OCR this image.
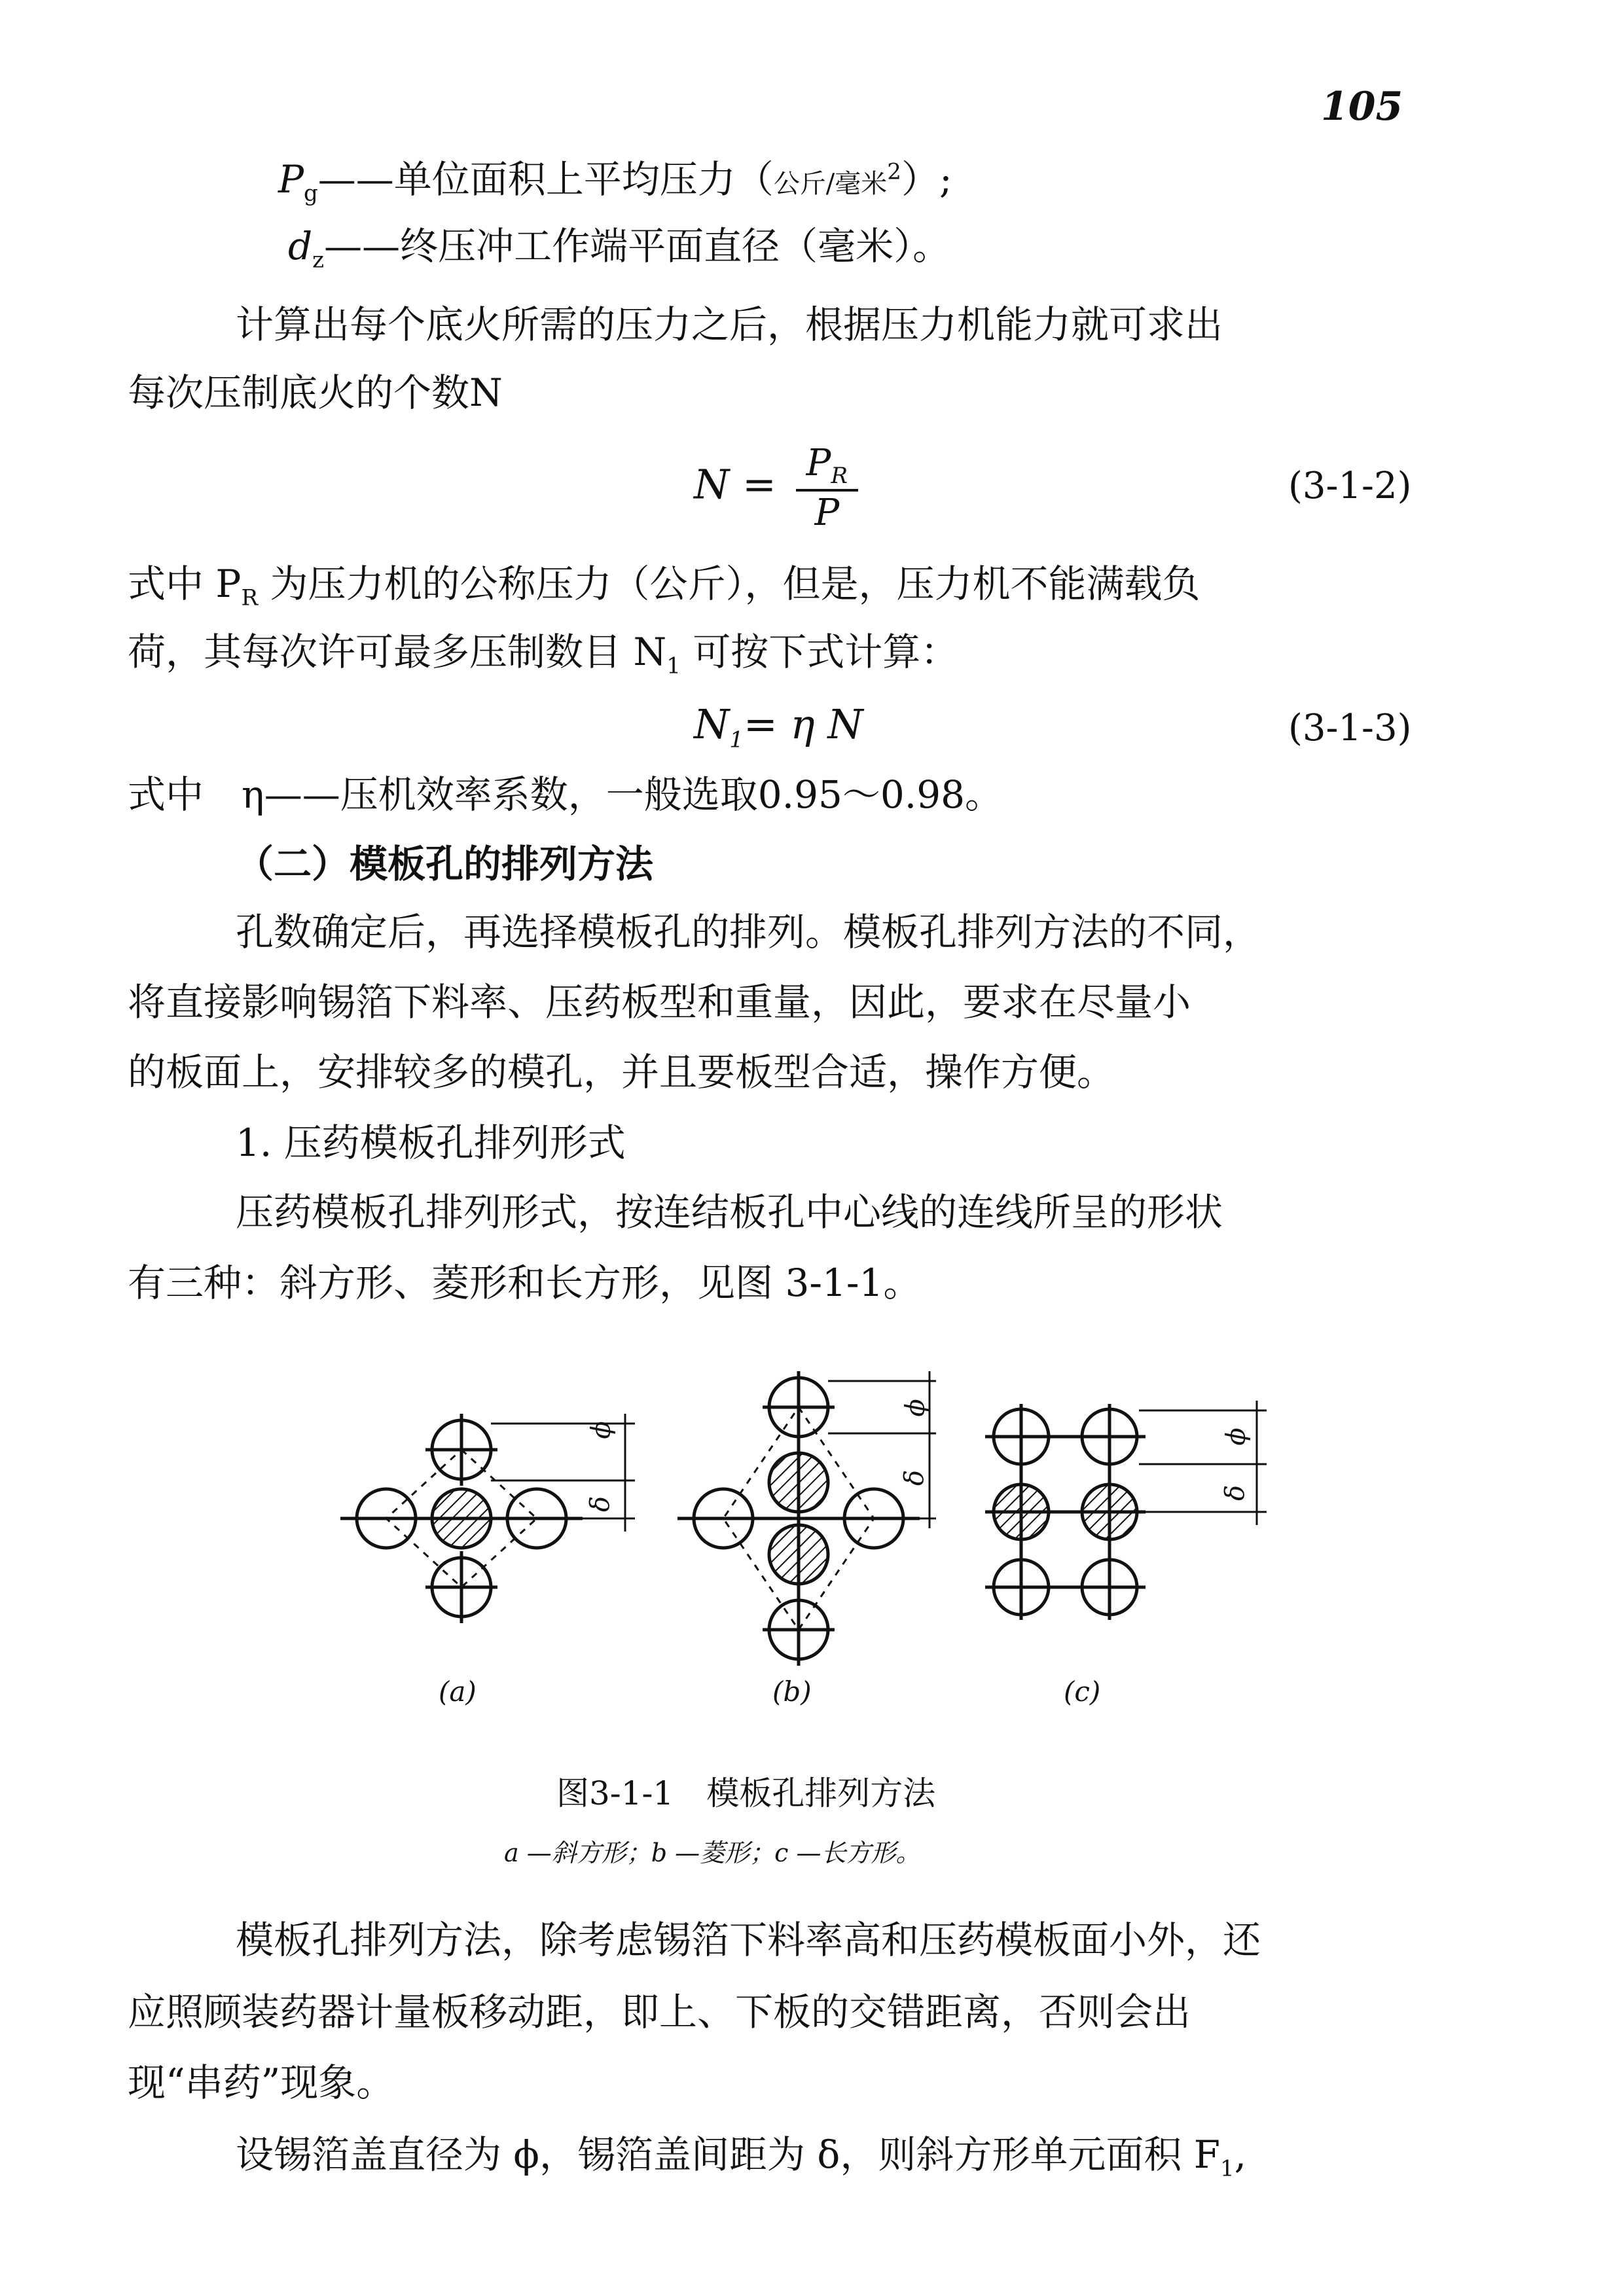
105
$P_g——$单位面积上平均压力（公斤/毫米$^2$）;
$d_z——$终压冲工作端平面直径（毫米）。
计算出每个底火所需的压力之后，根据压力机能力就可求出
每次压制底火的个数N
$N = \frac{P_R}{P}$	(3-1-2)
式中 $P_R$ 为压力机的公称压力（公斤），但是，压力机不能满载负
荷，其每次许可最多压制数目 $N_1$ 可按下式计算：
$N_1= \eta$ N	(3-1-3)
式中　η——压机效率系数，一般选取0.95～0.98。
（二）模板孔的排列方法
孔数确定后，再选择模板孔的排列。模板孔排列方法的不同，
将直接影响锡箔下料率、压药板型和重量，因此，要求在尽量小
的板面上，安排较多的模孔，并且要板型合适，操作方便。
1. 压药模板孔排列形式
压药模板孔排列形式，按连结板孔中心线的连线所呈的形状
有三种：斜方形、菱形和长方形，见图 3-1-1。
ϕ
δ
ϕ
δ
ϕ
δ
(a)	(b)	(c)
图3-1-1　模板孔排列方法
a —斜方形；b —菱形；c —长方形。
模板孔排列方法，除考虑锡箔下料率高和压药模板面小外，还
应照顾装药器计量板移动距，即上、下板的交错距离，否则会出
现“串药”现象。
设锡箔盖直径为 ϕ，锡箔盖间距为 δ，则斜方形单元面积 $F_1$,
